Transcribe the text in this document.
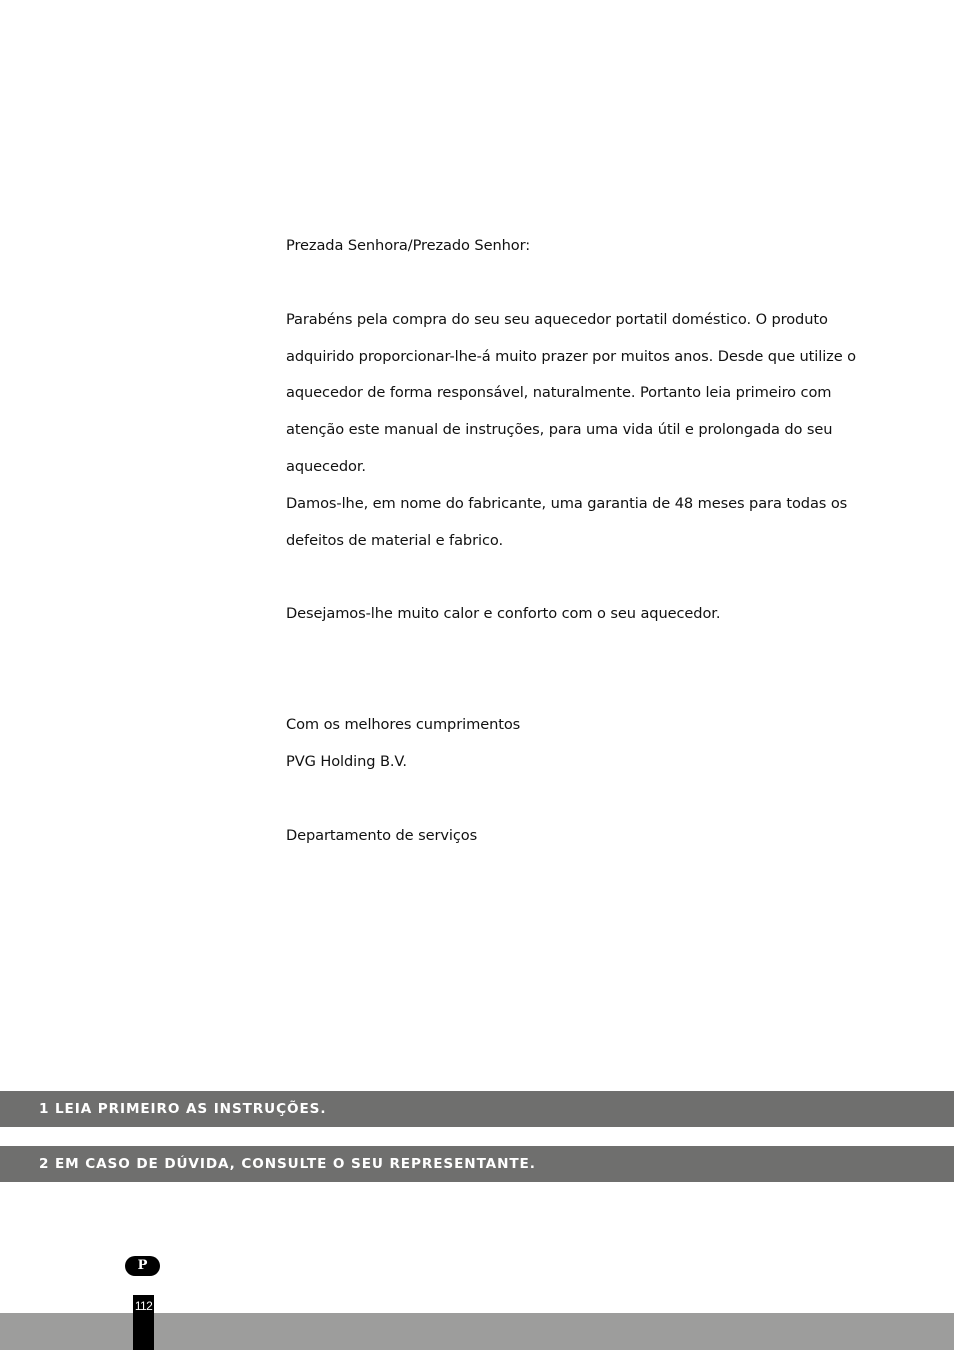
Prezada Senhora/Prezado Senhor:

Parabéns pela compra do seu seu aquecedor portatil doméstico. O produto adquirido proporcionar-lhe-á muito prazer por muitos anos. Desde que utilize o aquecedor de forma responsável, naturalmente. Portanto leia primeiro com atenção este manual de instruções, para uma vida útil e prolongada do seu aquecedor.

Damos-lhe, em nome do fabricante, uma garantia de 48 meses para todas os defeitos de material e fabrico.

Desejamos-lhe muito calor e conforto com o seu aquecedor.

Com os melhores cumprimentos

PVG Holding B.V.

Departamento de serviços

1 LEIA PRIMEIRO AS INSTRUÇÕES.
2 EM CASO DE DÚVIDA, CONSULTE O SEU REPRESENTANTE.
P
112
